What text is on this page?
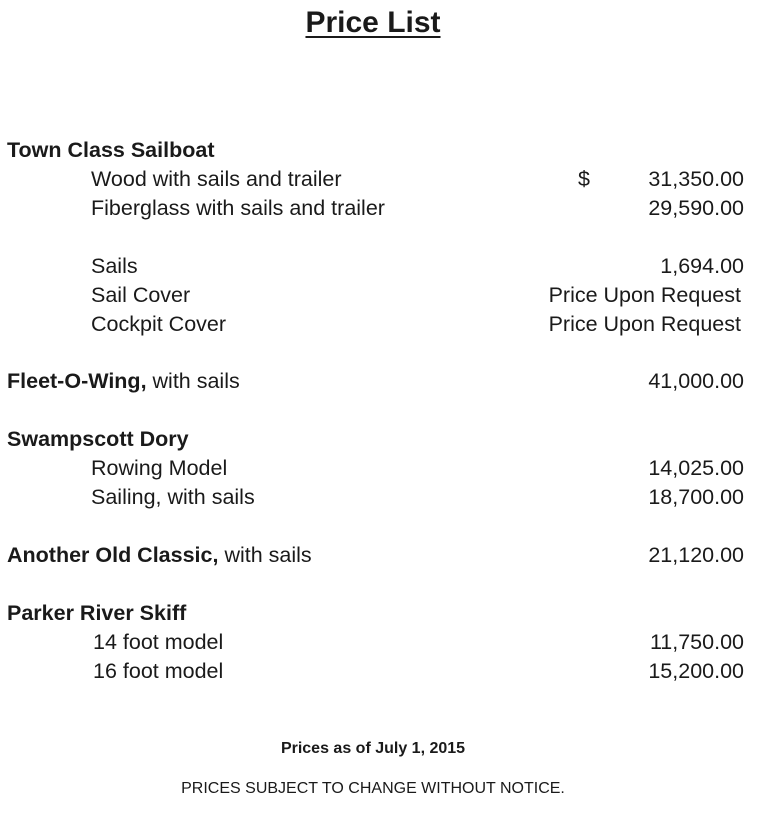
Price List
Town Class Sailboat
Wood with sails and trailer	$	31,350.00
Fiberglass with sails and trailer	29,590.00
Sails	1,694.00
Sail Cover	Price Upon Request
Cockpit Cover	Price Upon Request
Fleet-O-Wing, with sails	41,000.00
Swampscott Dory
Rowing Model	14,025.00
Sailing, with sails	18,700.00
Another Old Classic, with sails	21,120.00
Parker River Skiff
14 foot model	11,750.00
16 foot model	15,200.00
Prices as of July 1, 2015
PRICES SUBJECT TO CHANGE WITHOUT NOTICE.
